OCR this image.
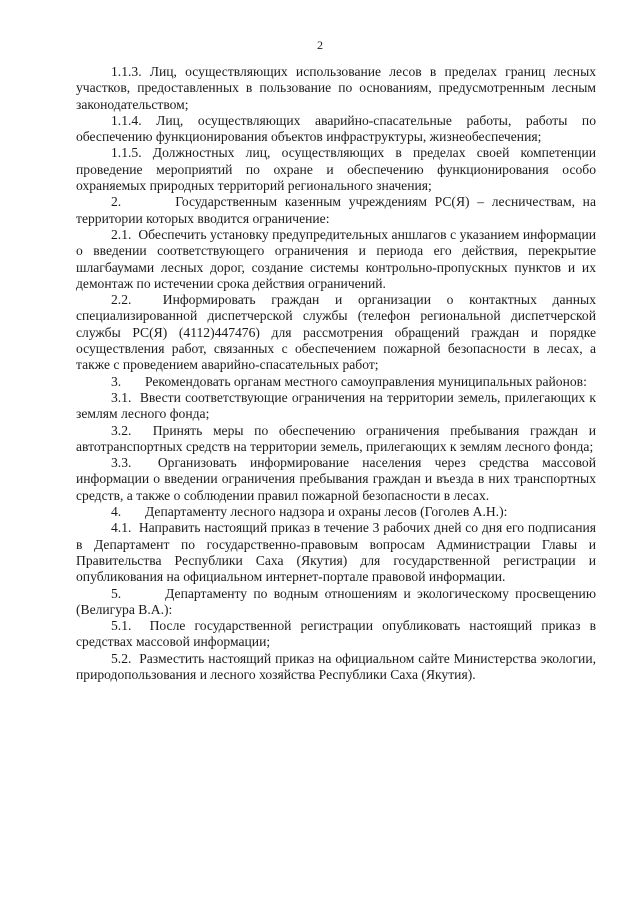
2

1.1.3. Лиц, осуществляющих использование лесов в пределах границ лесных участков, предоставленных в пользование по основаниям, предусмотренным лесным законодательством;

1.1.4. Лиц, осуществляющих аварийно-спасательные работы, работы по обеспечению функционирования объектов инфраструктуры, жизнеобеспечения;

1.1.5. Должностных лиц, осуществляющих в пределах своей компетенции проведение мероприятий по охране и обеспечению функционирования особо охраняемых природных территорий регионального значения;

2.       Государственным казенным учреждениям РС(Я) – лесничествам, на территории которых вводится ограничение:

2.1.  Обеспечить установку предупредительных аншлагов с указанием информации о введении соответствующего ограничения и периода его действия, перекрытие шлагбаумами лесных дорог, создание системы контрольно-пропускных пунктов и их демонтаж по истечении срока действия ограничений.

2.2.  Информировать граждан и организации о контактных данных специализированной диспетчерской службы (телефон региональной диспетчерской службы РС(Я) (4112)447476) для рассмотрения обращений граждан и порядке осуществления работ, связанных с обеспечением пожарной безопасности в лесах, а также с проведением аварийно-спасательных работ;

3.       Рекомендовать органам местного самоуправления муниципальных районов:

3.1.  Ввести соответствующие ограничения на территории земель, прилегающих к землям лесного фонда;

3.2.  Принять меры по обеспечению ограничения пребывания граждан и автотранспортных средств на территории земель, прилегающих к землям лесного фонда;

3.3.  Организовать информирование населения через средства массовой информации о введении ограничения пребывания граждан и въезда в них транспортных средств, а также о соблюдении правил пожарной безопасности в лесах.

4.       Департаменту лесного надзора и охраны лесов (Гоголев А.Н.):

4.1.  Направить настоящий приказ в течение 3 рабочих дней со дня его подписания в Департамент по государственно-правовым вопросам Администрации Главы и Правительства Республики Саха (Якутия) для государственной регистрации и опубликования на официальном интернет-портале правовой информации.

5.       Департаменту по водным отношениям и экологическому просвещению (Велигура В.А.):

5.1.  После государственной регистрации опубликовать настоящий приказ в средствах массовой информации;

5.2.  Разместить настоящий приказ на официальном сайте Министерства экологии, природопользования и лесного хозяйства Республики Саха (Якутия).
